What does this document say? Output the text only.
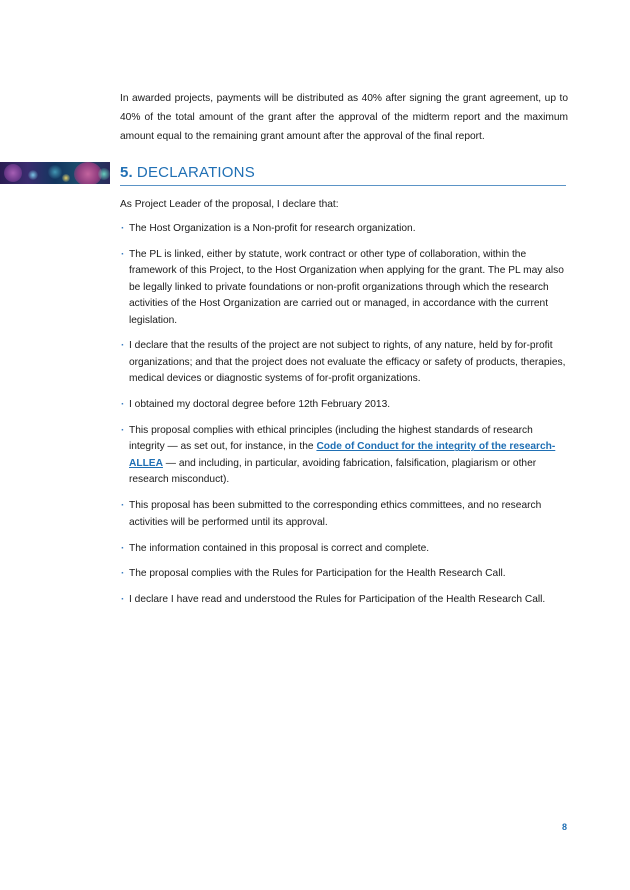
In awarded projects, payments will be distributed as 40% after signing the grant agreement, up to 40% of the total amount of the grant after the approval of the midterm report and the maximum amount equal to the remaining grant amount after the approval of the final report.

5. DECLARATIONS

As Project Leader of the proposal, I declare that:

· The Host Organization is a Non-profit for research organization.
· The PL is linked, either by statute, work contract or other type of collaboration, within the framework of this Project, to the Host Organization when applying for the grant. The PL may also be legally linked to private foundations or non-profit organizations through which the research activities of the Host Organization are carried out or managed, in accordance with the current legislation.
· I declare that the results of the project are not subject to rights, of any nature, held by for-profit organizations; and that the project does not evaluate the efficacy or safety of products, therapies, medical devices or diagnostic systems of for-profit organizations.
· I obtained my doctoral degree before 12th February 2013.
· This proposal complies with ethical principles (including the highest standards of research integrity — as set out, for instance, in the Code of Conduct for the integrity of the research-ALLEA — and including, in particular, avoiding fabrication, falsification, plagiarism or other research misconduct).
· This proposal has been submitted to the corresponding ethics committees, and no research activities will be performed until its approval.
· The information contained in this proposal is correct and complete.
· The proposal complies with the Rules for Participation for the Health Research Call.
· I declare I have read and understood the Rules for Participation of the Health Research Call.
8
